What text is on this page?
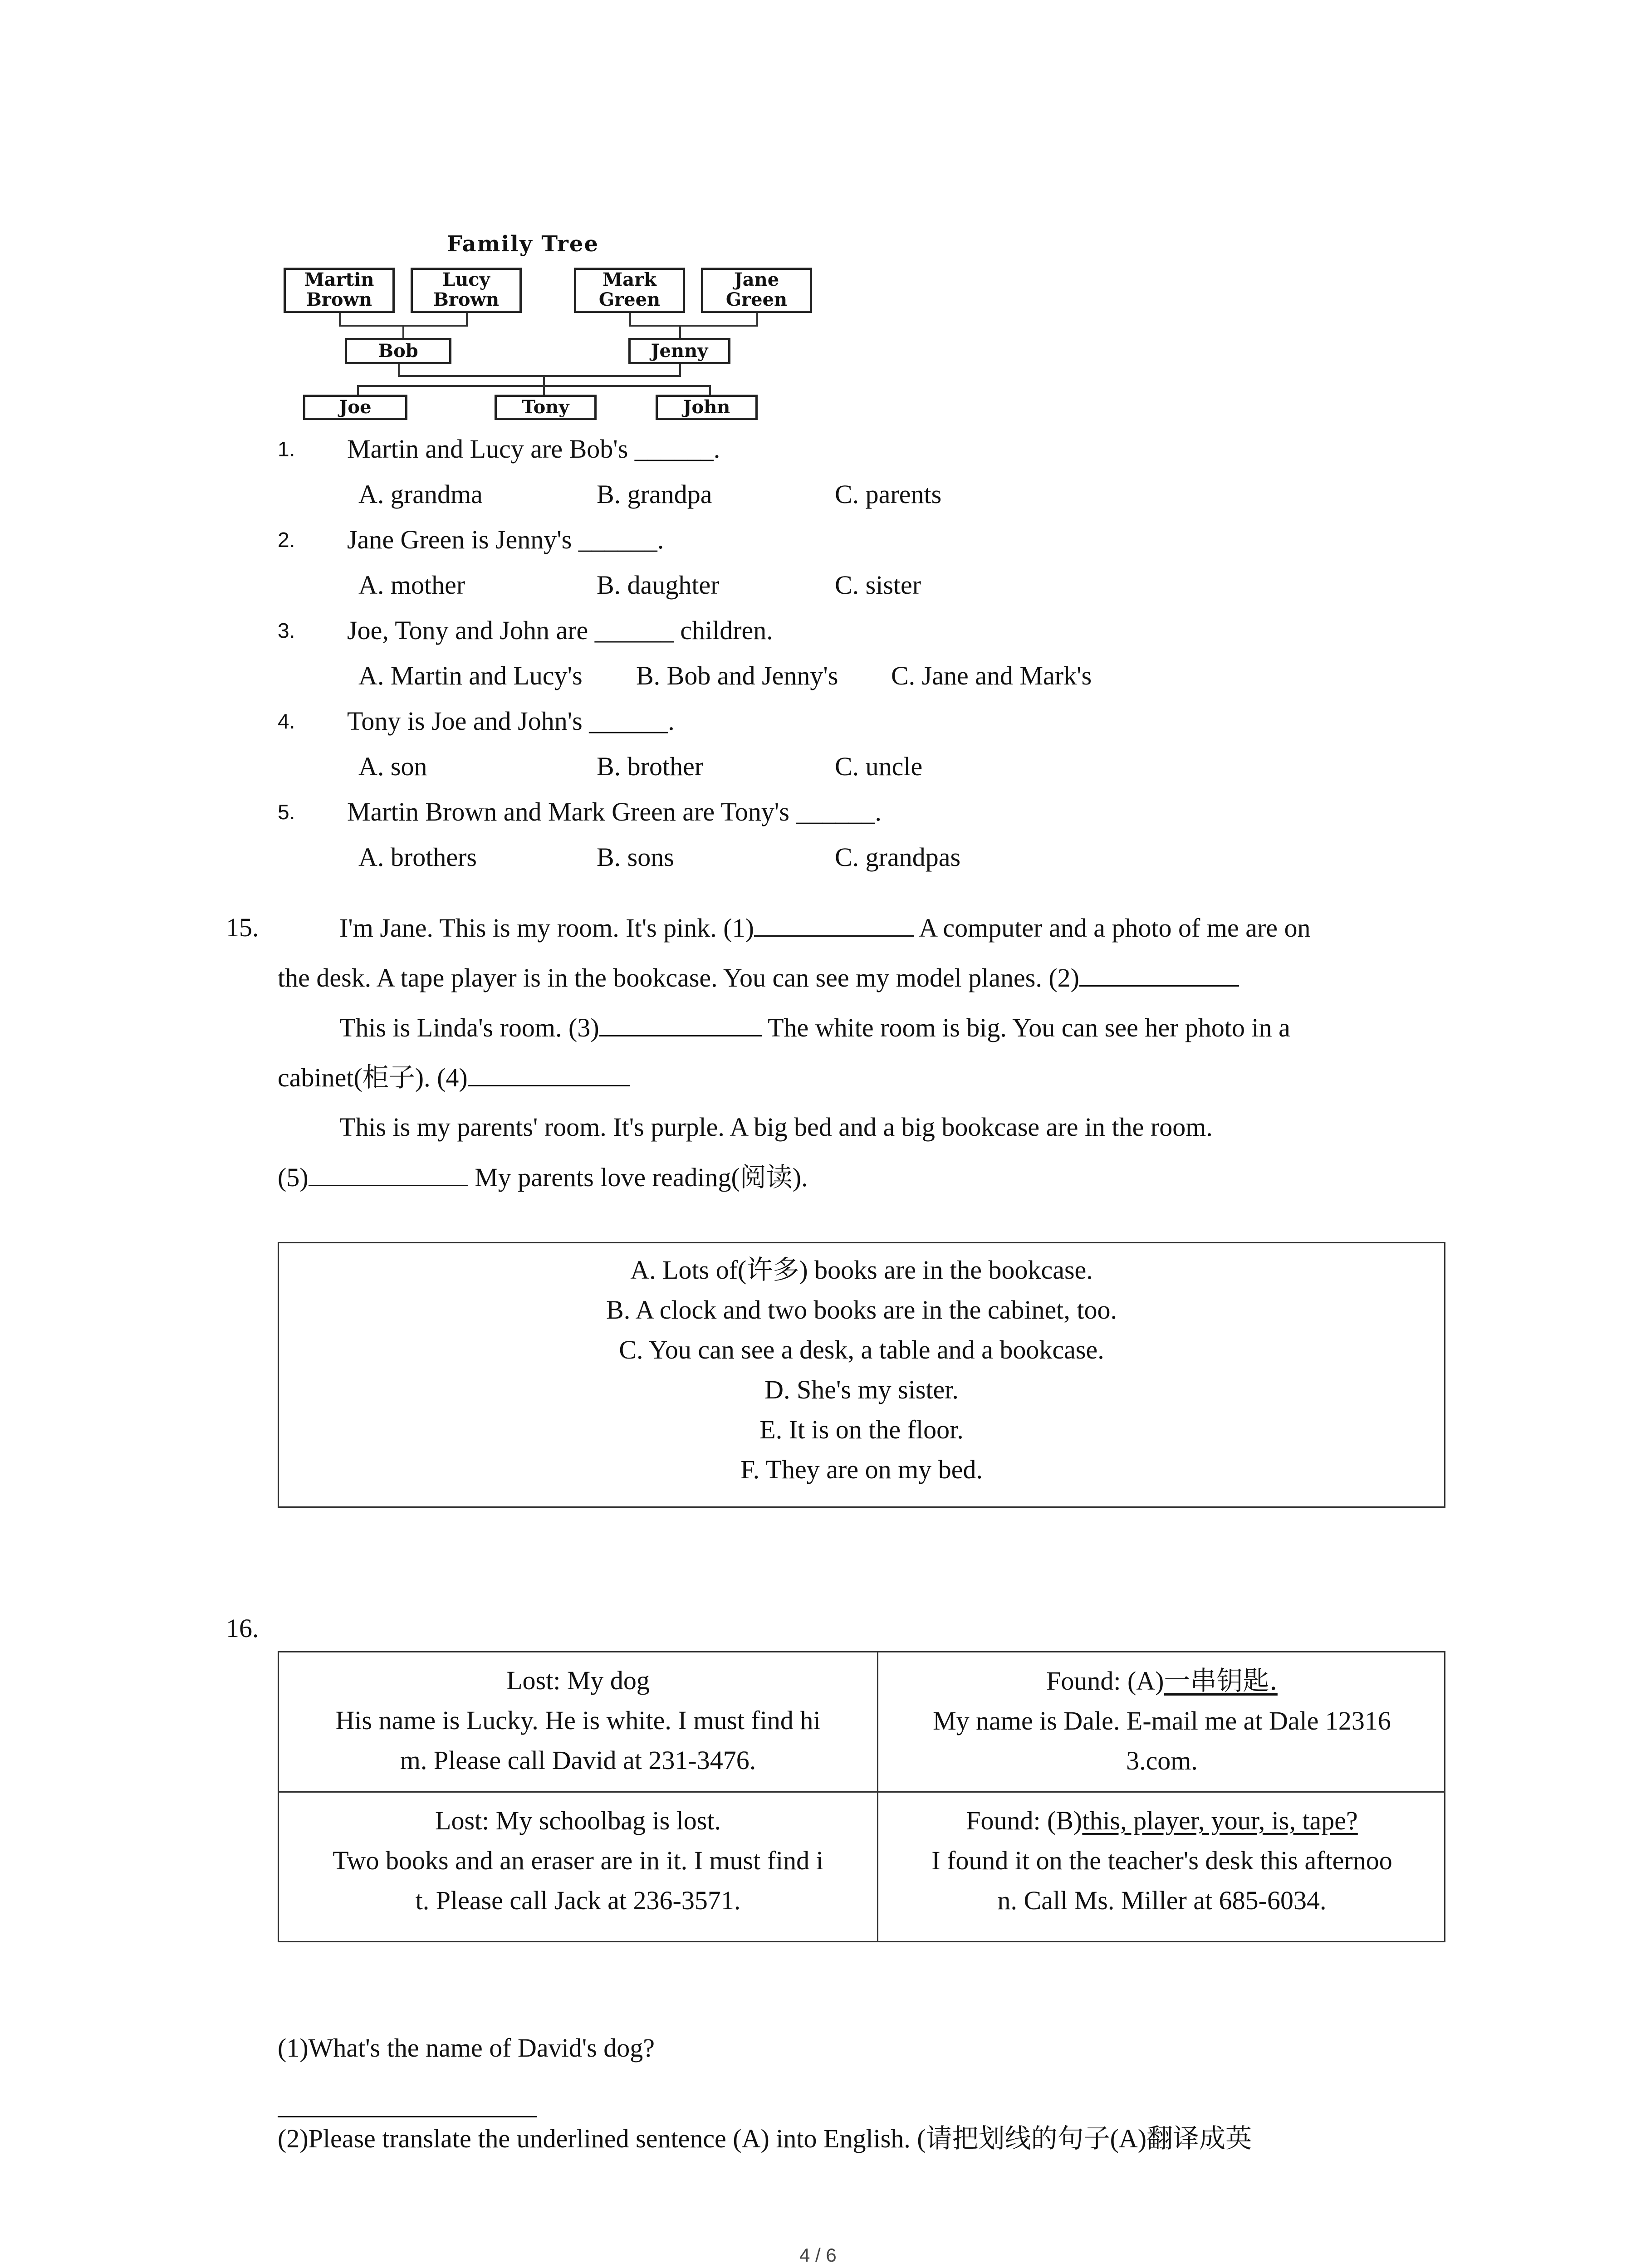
Family Tree
Martin
Brown
Lucy
Brown
Mark
Green
Jane
Green
Bob	Jenny
Joe	Tony	John
1. Martin and Lucy are Bob's ______.
A. grandma	B. grandpa	C. parents
2. Jane Green is Jenny's ______.
A. mother	B. daughter	C. sister
3. Joe, Tony and John are ______ children.
A. Martin and Lucy's B. Bob and Jenny's C. Jane and Mark's
4. Tony is Joe and John's ______.
A. son	B. brother	C. uncle
5. Martin Brown and Mark Green are Tony's ______.
A. brothers	B. sons	C. grandpas
15.	I'm Jane. This is my room. It's pink. (1)	A computer and a photo of me are on
the desk. A tape player is in the bookcase. You can see my model planes. (2)
This is Linda's room. (3)	The white room is big. You can see her photo in a
cabinet(柜子). (4)
This is my parents' room. It's purple. A big bed and a big bookcase are in the room.
(5)	My parents love reading(阅读).
A. Lots of(许多) books are in the bookcase.
B. A clock and two books are in the cabinet, too.
C. You can see a desk, a table and a bookcase.
D. She's my sister.
E. It is on the floor.
F. They are on my bed.
16.
Lost: My dog
His name is Lucky. He is white. I must find hi
m. Please call David at 231-3476.
Found: (A)一串钥匙.
My name is Dale. E-mail me at Dale 12316
3.com.
Lost: My schoolbag is lost.
Two books and an eraser are in it. I must find i
t. Please call Jack at 236-3571.
Found: (B)this, player, your, is, tape?
I found it on the teacher's desk this afternoo
n. Call Ms. Miller at 685-6034.
(1)What's the name of David's dog?
(2)Please translate the underlined sentence (A) into English. (请把划线的句子(A)翻译成英
4 / 6
